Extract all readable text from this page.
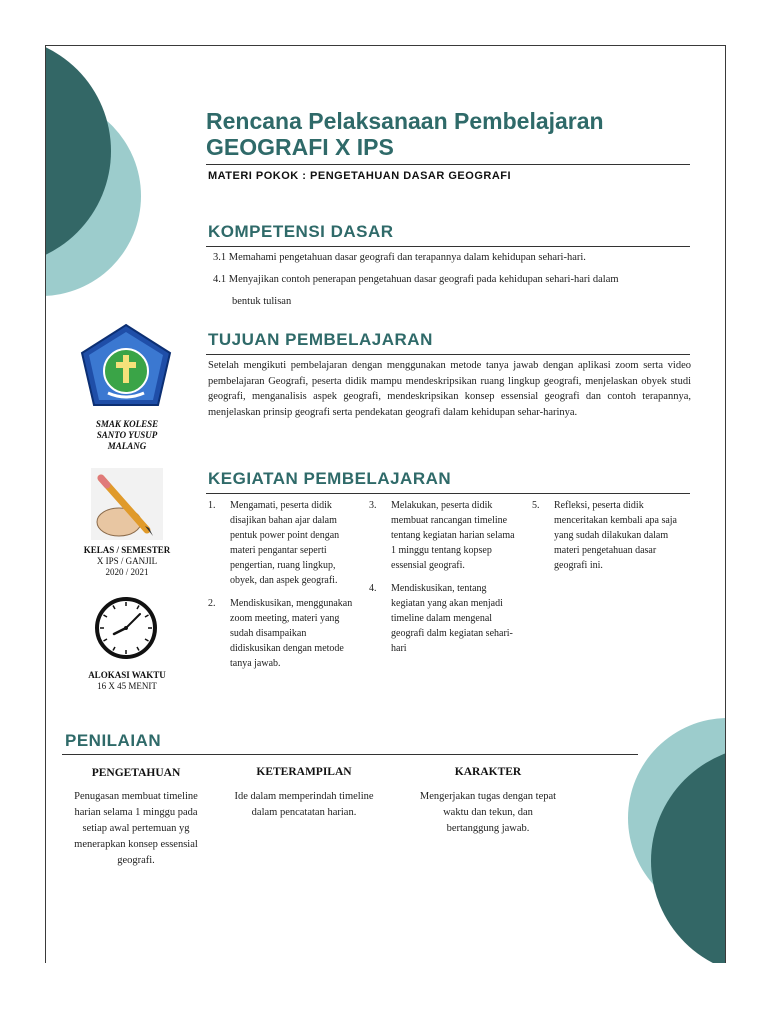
Rencana Pelaksanaan Pembelajaran
GEOGRAFI X IPS
MATERI POKOK : PENGETAHUAN DASAR GEOGRAFI
KOMPETENSI DASAR
3.1 Memahami pengetahuan dasar geografi dan terapannya dalam kehidupan sehari-hari.
4.1 Menyajikan contoh penerapan pengetahuan dasar geografi pada kehidupan sehari-hari dalam
bentuk tulisan
TUJUAN PEMBELAJARAN
Setelah mengikuti pembelajaran dengan menggunakan metode tanya jawab dengan aplikasi zoom serta video pembelajaran Geografi, peserta didik mampu mendeskripsikan ruang lingkup geografi, menjelaskan obyek studi geografi, menganalisis aspek geografi, mendeskripsikan konsep essensial geografi dan contoh terapannya, menjelaskan prinsip geografi serta pendekatan geografi dalam kehidupan sehar-harinya.
KEGIATAN PEMBELAJARAN
1.	Mengamati, peserta didik disajikan bahan ajar dalam pentuk power point dengan materi pengantar seperti pengertian, ruang lingkup, obyek, dan aspek geografi.
2.	Mendiskusikan, menggunakan zoom meeting, materi yang sudah disampaikan didiskusikan dengan metode tanya jawab.
3.	Melakukan, peserta didik membuat rancangan timeline tentang kegiatan harian selama 1 minggu tentang kopsep essensial geografi.
4.	Mendiskusikan, tentang kegiatan yang akan menjadi timeline dalam mengenal geografi dalm kegiatan sehari-hari
5.	Refleksi, peserta didik menceritakan kembali apa saja yang sudah dilakukan dalam materi pengetahuan dasar geografi ini.
SMAK KOLESE SANTO YUSUP MALANG
KELAS / SEMESTER
X IPS / GANJIL
2020 / 2021
ALOKASI WAKTU
16 X 45 MENIT
PENILAIAN
PENGETAHUAN
Penugasan membuat timeline harian selama 1 minggu pada setiap awal pertemuan yg menerapkan konsep essensial geografi.
KETERAMPILAN
Ide dalam memperindah timeline dalam pencatatan harian.
KARAKTER
Mengerjakan tugas dengan tepat waktu dan tekun, dan bertanggung jawab.
